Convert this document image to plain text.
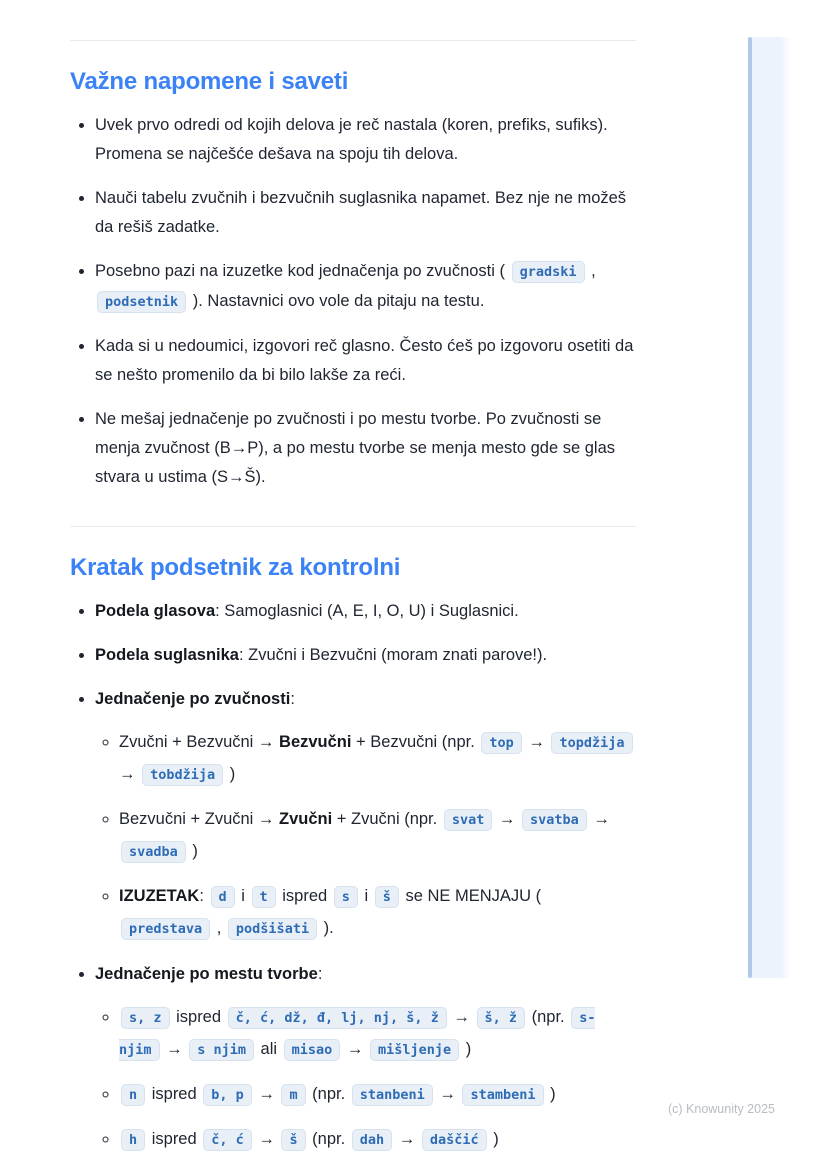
Važne napomene i saveti
• Uvek prvo odredi od kojih delova je reč nastala (koren, prefiks, sufiks). Promena se najčešće dešava na spoju tih delova.
• Nauči tabelu zvučnih i bezvučnih suglasnika napamet. Bez nje ne možeš da rešiš zadatke.
• Posebno pazi na izuzetke kod jednačenja po zvučnosti ( gradski , podsetnik ). Nastavnici ovo vole da pitaju na testu.
• Kada si u nedoumici, izgovori reč glasno. Često ćeš po izgovoru osetiti da se nešto promenilo da bi bilo lakše za reći.
• Ne mešaj jednačenje po zvučnosti i po mestu tvorbe. Po zvučnosti se menja zvučnost (B→P), a po mestu tvorbe se menja mesto gde se glas stvara u ustima (S→Š).
Kratak podsetnik za kontrolni
• Podela glasova: Samoglasnici (A, E, I, O, U) i Suglasnici.
• Podela suglasnika: Zvučni i Bezvučni (moram znati parove!).
• Jednačenje po zvučnosti:
◦ Zvučni + Bezvučni → Bezvučni + Bezvučni (npr. top → topdžija → tobdžija )
◦ Bezvučni + Zvučni → Zvučni + Zvučni (npr. svat → svatba → svadba )
◦ IZUZETAK: d i t ispred s i š se NE MENJAJU ( predstava , podšišati ).
• Jednačenje po mestu tvorbe:
◦ s, z ispred č, ć, dž, đ, lj, nj, š, ž → š, ž (npr. s-njim → s njim ali misao → mišljenje )
◦ n ispred b, p → m (npr. stanbeni → stambeni )
◦ h ispred č, ć → š (npr. dah → daščić )
(c) Knowunity 2025
